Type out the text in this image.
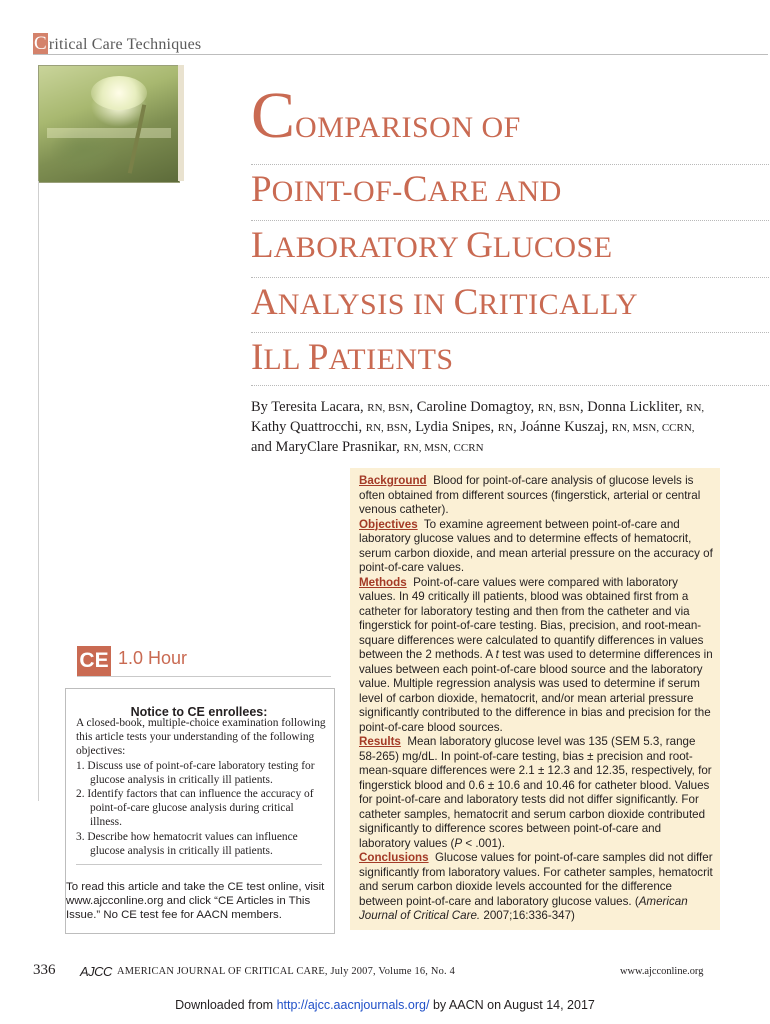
C ritical Care Techniques
COMPARISON OF
POINT-OF-CARE AND
LABORATORY GLUCOSE
ANALYSIS IN CRITICALLY
ILL PATIENTS
By Teresita Lacara, RN, BSN, Caroline Domagtoy, RN, BSN, Donna Lickliter, RN,
Kathy Quattrocchi, RN, BSN, Lydia Snipes, RN, Joánne Kuszaj, RN, MSN, CCRN,
and MaryClare Prasnikar, RN, MSN, CCRN
Background Blood for point-of-care analysis of glucose levels is often obtained from different sources (fingerstick, arterial or central venous catheter).
Objectives To examine agreement between point-of-care and laboratory glucose values and to determine effects of hematocrit, serum carbon dioxide, and mean arterial pressure on the accuracy of point-of-care values.
Methods Point-of-care values were compared with laboratory values. In 49 critically ill patients, blood was obtained first from a catheter for laboratory testing and then from the catheter and via fingerstick for point-of-care testing. Bias, precision, and root-mean-square differences were calculated to quantify differences in values between the 2 methods. A t test was used to determine differences in values between each point-of-care blood source and the laboratory value. Multiple regression analysis was used to determine if serum level of carbon dioxide, hematocrit, and/or mean arterial pressure significantly contributed to the difference in bias and precision for the point-of-care blood sources.
Results Mean laboratory glucose level was 135 (SEM 5.3, range 58-265) mg/dL. In point-of-care testing, bias ± precision and root-mean-square differences were 2.1 ± 12.3 and 12.35, respectively, for fingerstick blood and 0.6 ± 10.6 and 10.46 for catheter blood. Values for point-of-care and laboratory tests did not differ significantly. For catheter samples, hematocrit and serum carbon dioxide contributed significantly to difference scores between point-of-care and laboratory values (P < .001).
Conclusions Glucose values for point-of-care samples did not differ significantly from laboratory values. For catheter samples, hematocrit and serum carbon dioxide levels accounted for the difference between point-of-care and laboratory glucose values. (American Journal of Critical Care. 2007;16:336-347)
CE 1.0 Hour
Notice to CE enrollees:
A closed-book, multiple-choice examination following this article tests your understanding of the following objectives:
1. Discuss use of point-of-care laboratory testing for glucose analysis in critically ill patients.
2. Identify factors that can influence the accuracy of point-of-care glucose analysis during critical illness.
3. Describe how hematocrit values can influence glucose analysis in critically ill patients.
To read this article and take the CE test online, visit www.ajcconline.org and click “CE Articles in This Issue.” No CE test fee for AACN members.
336 AJCC AMERICAN JOURNAL OF CRITICAL CARE, July 2007, Volume 16, No. 4	www.ajcconline.org
Downloaded from http://ajcc.aacnjournals.org/ by AACN on August 14, 2017
